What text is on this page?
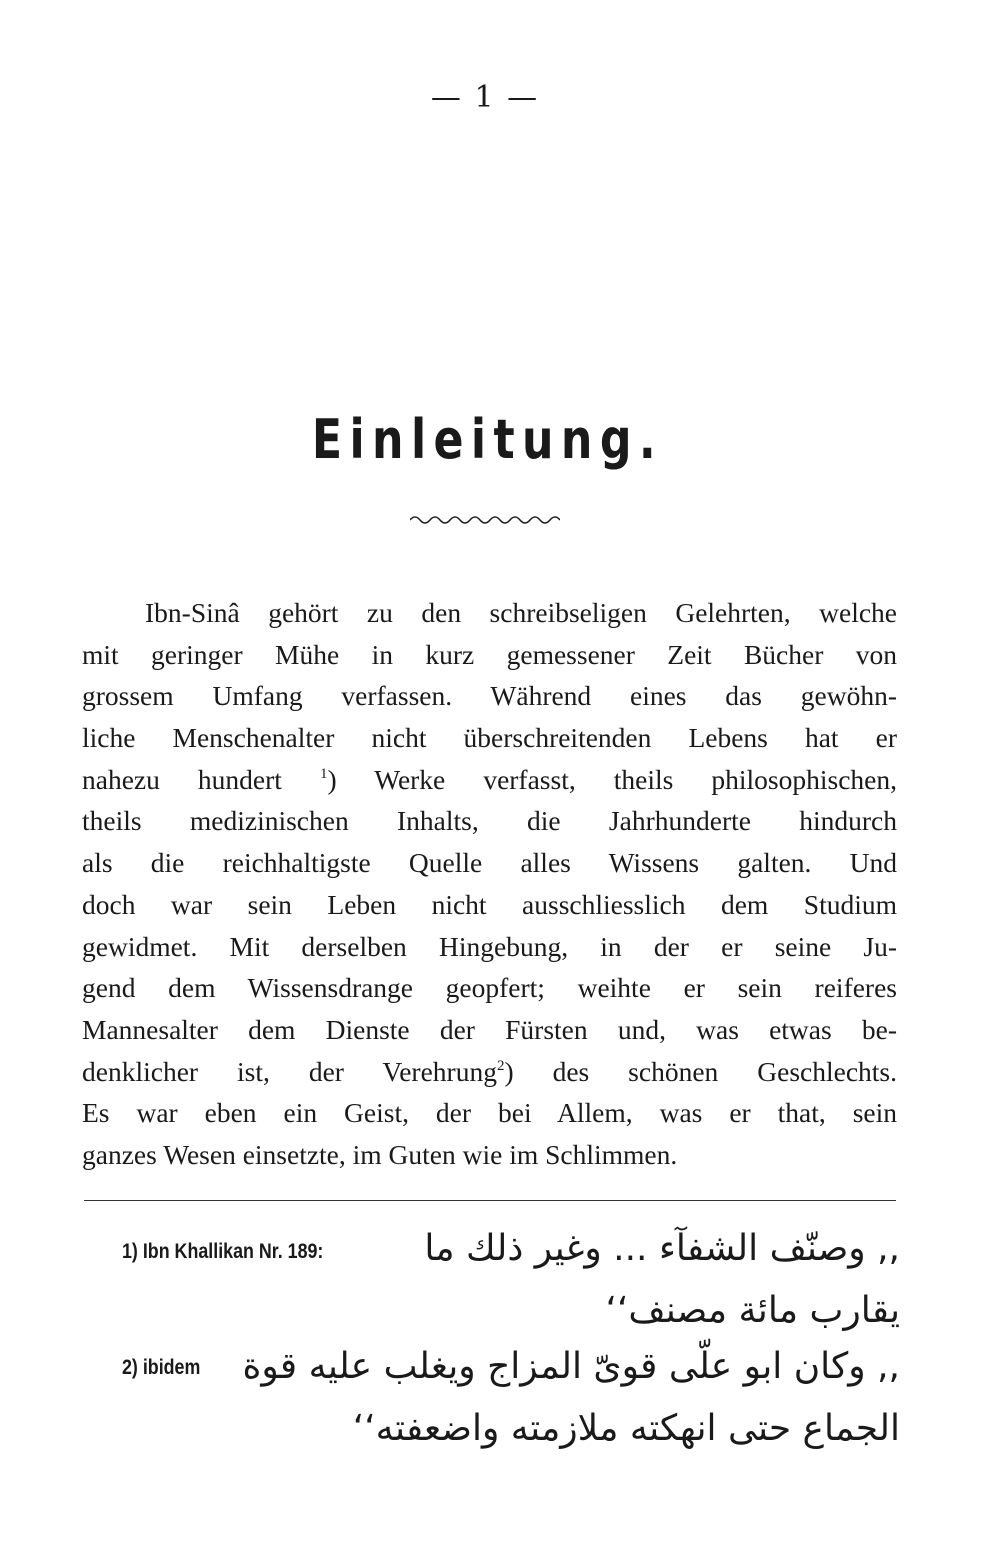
— 1 —
Einleitung.
Ibn-Sinâ gehört zu den schreibseligen Gelehrten, welche
mit geringer Mühe in kurz gemessener Zeit Bücher von
grossem Umfang verfassen. Während eines das gewöhn-
liche Menschenalter nicht überschreitenden Lebens hat er
nahezu hundert	$^1$) Werke verfasst, theils philosophischen,
theils medizinischen Inhalts, die Jahrhunderte hindurch
als die reichhaltigste Quelle alles Wissens galten. Und
doch war sein Leben nicht ausschliesslich dem Studium
gewidmet. Mit derselben Hingebung, in der er seine Ju-
gend dem Wissensdrange geopfert; weihte er sein reiferes
Mannesalter dem Dienste der Fürsten und, was etwas be-
denklicher ist, der Verehrung$^2$) des schönen Geschlechts.
Es war eben ein Geist, der bei Allem, was er that, sein
ganzes Wesen einsetzte, im Guten wie im Schlimmen.
1) Ibn Khallikan Nr. 189:	,, وصنّف الشفآء ... وغير ذلك ما
يقارب مائة مصنف‘‘
2) ibidem ,, وكان ابو علّى قوىّ المزاج ويغلب عليه قوة
الجماع حتى انهكته ملازمته واضعفته‘‘
